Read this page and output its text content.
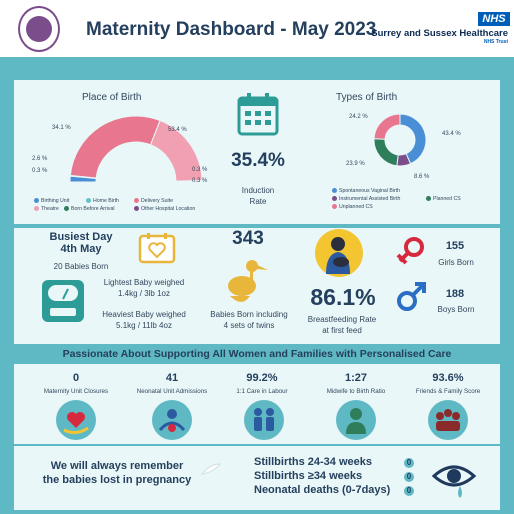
Maternity Dashboard - May 2023	NHS
Surrey and Sussex Healthcare
NHS Trust
Place of Birth
34.1 %	53.4 %
2.6 %
0.3 %	0.3 %
0.3 %
Birthing Unit	Home Birth	Delivery Suite
Theatre	Born Before Arrival	Other Hospital Location
35.4%
Induction
Rate
Types of Birth
24.2 %
43.4 %
23.9 %
8.6 %
Spontaneous Vaginal Birth
Instrumental Assisted Birth	Planned CS
Unplanned CS
Busiest Day
4th May
20 Babies Born
Lightest Baby weighed
1.4kg / 3lb 1oz
Heaviest Baby weighed
5.1kg / 11lb 4oz
343
Babies Born including
4 sets of twins
86.1%
Breastfeeding Rate
at first feed
155
Girls Born
188
Boys Born
Passionate About Supporting All Women and Families with Personalised Care
0
Maternity Unit Closures
41
Neonatal Unit Admissions
99.2%
1:1 Care in Labour
1:27
Midwife to Birth Ratio
93.6%
Friends & Family Score
We will always remember
the babies lost in pregnancy
Stillbirths 24-34 weeks	0
Stillbirths ≥34 weeks	0
Neonatal deaths (0-7days)	0
